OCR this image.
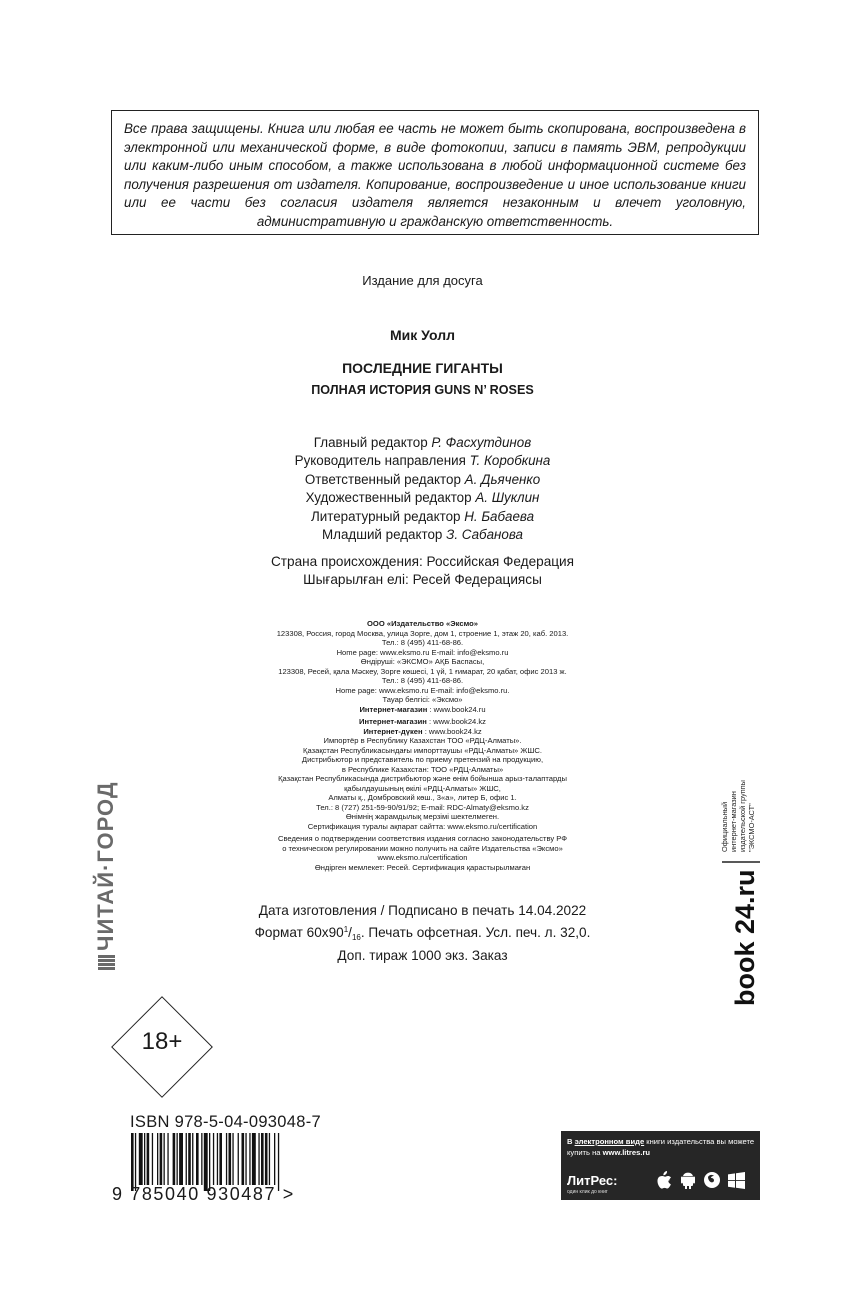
Все права защищены. Книга или любая ее часть не может быть скопирована, воспроизведена в электронной или механической форме, в виде фотокопии, записи в память ЭВМ, репродукции или каким-либо иным способом, а также использована в любой информационной системе без получения разрешения от издателя. Копирование, воспроизведение и иное использование книги или ее части без согласия издателя является незаконным и влечет уголовную, административную и гражданскую ответственность.

Издание для досуга
Мик Уолл
ПОСЛЕДНИЕ ГИГАНТЫ
ПОЛНАЯ ИСТОРИЯ GUNS N’ ROSES
Главный редактор Р. Фасхутдинов
Руководитель направления Т. Коробкина
Ответственный редактор А. Дьяченко
Художественный редактор А. Шуклин
Литературный редактор Н. Бабаева
Младший редактор З. Сабанова
Страна происхождения: Российская Федерация
Шығарылған елі: Ресей Федерациясы
ООО «Издательство «Эксмо»
123308, Россия, город Москва, улица Зорге, дом 1, строение 1, этаж 20, каб. 2013.
Тел.: 8 (495) 411-68-86.
Home page: www.eksmo.ru E-mail: info@eksmo.ru
Өндіруші: «ЭКСМО» АҚБ Баспасы,
123308, Ресей, қала Мәскеу, Зорге көшесі, 1 үй, 1 ғимарат, 20 қабат, офис 2013 ж.
Тел.: 8 (495) 411-68-86.
Home page: www.eksmo.ru E-mail: info@eksmo.ru.
Тауар белгісі: «Эксмо»
Интернет-магазин : www.book24.ru
Интернет-магазин : www.book24.kz
Интернет-дүкен : www.book24.kz
Импортёр в Республику Казахстан ТОО «РДЦ-Алматы».
Қазақстан Республикасындағы импорттаушы «РДЦ-Алматы» ЖШС.
Дистрибьютор и представитель по приему претензий на продукцию,
в Республике Казахстан: ТОО «РДЦ-Алматы»
Қазақстан Республикасында дистрибьютор және өнім бойынша арыз-талаптарды
қабылдаушының өкілі «РДЦ-Алматы» ЖШС,
Алматы қ., Домбровский көш., 3«а», литер Б, офис 1.
Тел.: 8 (727) 251-59-90/91/92; E-mail: RDC-Almaty@eksmo.kz
Өнімнің жарамдылық мерзімі шектелмеген.
Сертификация туралы ақпарат сайтта: www.eksmo.ru/certification
Сведения о подтверждении соответствия издания согласно законодательству РФ
о техническом регулировании можно получить на сайте Издательства «Эксмо»
www.eksmo.ru/certification
Өндірген мемлекет: Ресей. Сертификация қарастырылмаған
Дата изготовления / Подписано в печать 14.04.2022
Формат $60х90^1/_{16}$. Печать офсетная. Усл. печ. л. 32,0.
Доп. тираж 1000 экз. Заказ
ЧИТАЙ·ГОРОД	Официальный интернет-магазин издательской группы "ЭКСМО-АСТ"
book 24.ru
18+
ISBN 978-5-04-093048-7
9 785040 930487 >
В электронном виде книги издательства вы можете купить на www.litres.ru
ЛитРес:
один клик до книг
